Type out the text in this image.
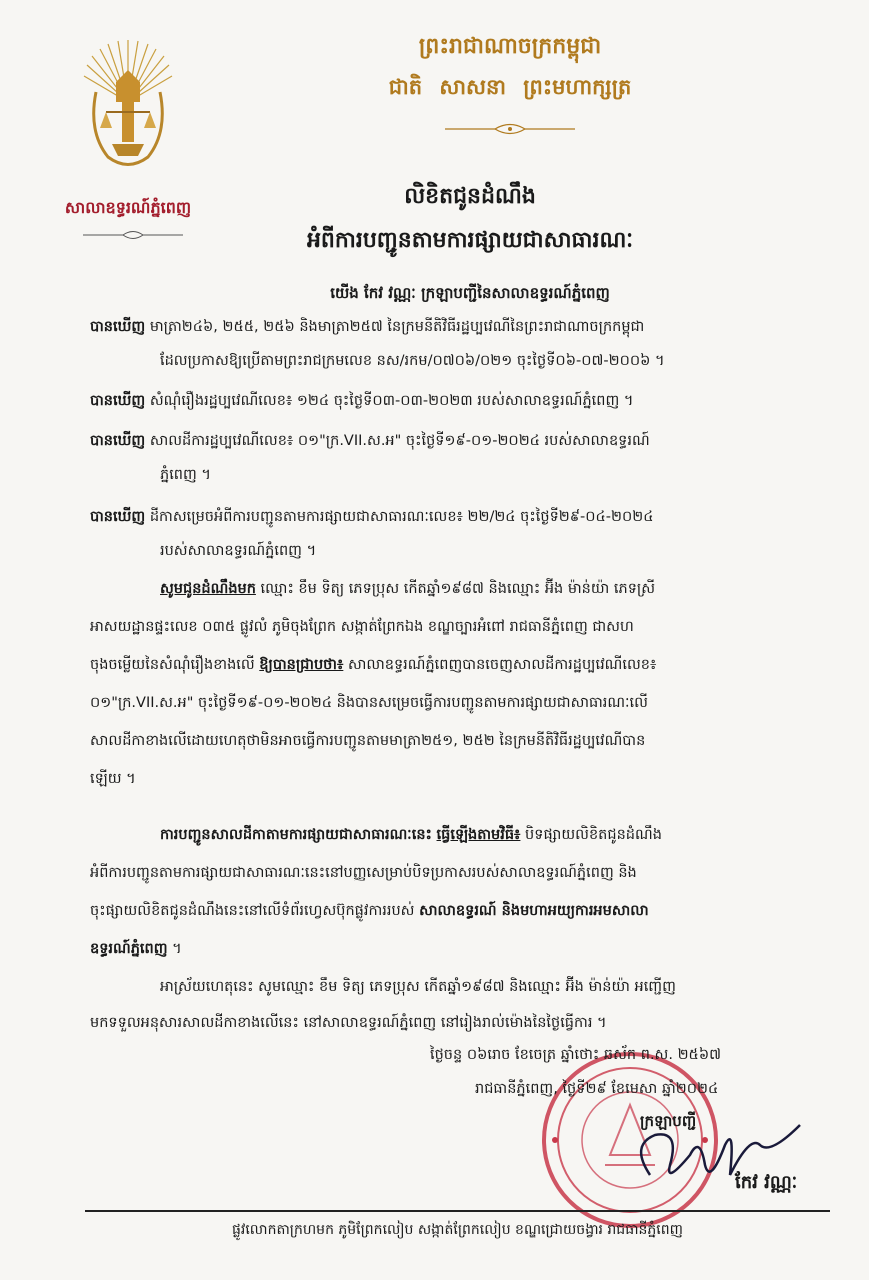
សាលាឧទ្ធរណ៍ភ្នំពេញ
ព្រះរាជាណាចក្រកម្ពុជា
ជាតិ សាសនា ព្រះមហាក្សត្រ
លិខិតជូនដំណឹង
អំពីការបញ្ជូនតាមការផ្សាយជាសាធារណៈ
យើង កែវ វណ្ណៈ ក្រឡាបញ្ជីនៃសាលាឧទ្ធរណ៍ភ្នំពេញ
បានឃើញ មាត្រា២៤៦, ២៥៥, ២៥៦ និងមាត្រា២៥៧ នៃក្រមនីតិវិធីរដ្ឋប្បវេណីនៃព្រះរាជាណាចក្រកម្ពុជា
ដែលប្រកាសឱ្យប្រើតាមព្រះរាជក្រមលេខ នស/រកម/០៧០៦/០២១ ចុះថ្ងៃទី០៦-០៧-២០០៦ ។
បានឃើញ សំណុំរឿងរដ្ឋប្បវេណីលេខ៖ ១២៤ ចុះថ្ងៃទី០៣-០៣-២០២៣ របស់សាលាឧទ្ធរណ៍ភ្នំពេញ ។
បានឃើញ សាលដីការដ្ឋប្បវេណីលេខ៖ ០១"ក្រ.VII.ស.អ" ចុះថ្ងៃទី១៩-០១-២០២៤ របស់សាលាឧទ្ធរណ៍
ភ្នំពេញ ។
បានឃើញ ដីកាសម្រេចអំពីការបញ្ជូនតាមការផ្សាយជាសាធារណៈលេខ៖ ២២/២៤ ចុះថ្ងៃទី២៩-០៤-២០២៤
របស់សាលាឧទ្ធរណ៍ភ្នំពេញ ។
សូមជូនដំណឹងមក ឈ្មោះ ខឹម ទិត្យ ភេទប្រុស កើតឆ្នាំ១៩៨៧ និងឈ្មោះ អ៊ីង ម៉ាន់យ៉ា ភេទស្រី
អាសយដ្ឋានផ្ទះលេខ ០៣៥ ផ្លូវលំ ភូមិចុងព្រែក សង្កាត់ព្រែកឯង ខណ្ឌច្បារអំពៅ រាជធានីភ្នំពេញ ជាសហ
ចុងចម្លើយនៃសំណុំរឿងខាងលើ ឱ្យបានជ្រាបថា៖ សាលាឧទ្ធរណ៍ភ្នំពេញបានចេញសាលដីការដ្ឋប្បវេណីលេខ៖
០១"ក្រ.VII.ស.អ" ចុះថ្ងៃទី១៩-០១-២០២៤ និងបានសម្រេចធ្វើការបញ្ជូនតាមការផ្សាយជាសាធារណៈលើ
សាលដីកាខាងលើដោយហេតុថាមិនអាចធ្វើការបញ្ជូនតាមមាត្រា២៥១, ២៥២ នៃក្រមនីតិវិធីរដ្ឋប្បវេណីបាន
ឡើយ ។
ការបញ្ជូនសាលដីកាតាមការផ្សាយជាសាធារណៈនេះ ធ្វើឡើងតាមវិធី៖ បិទផ្សាយលិខិតជូនដំណឹង
អំពីការបញ្ជូនតាមការផ្សាយជាសាធារណៈនេះនៅបញ្ញសេម្រាប់បិទប្រកាសរបស់សាលាឧទ្ធរណ៍ភ្នំពេញ និង
ចុះផ្សាយលិខិតជូនដំណឹងនេះនៅលើទំព័រហ្វេសប៊ុកផ្លូវការរបស់ សាលាឧទ្ធរណ៍ និងមហាអយ្យការអមសាលា
ឧទ្ធរណ៍ភ្នំពេញ ។
អាស្រ័យហេតុនេះ សូមឈ្មោះ ខឹម ទិត្យ ភេទប្រុស កើតឆ្នាំ១៩៨៧ និងឈ្មោះ អ៊ីង ម៉ាន់យ៉ា អញ្ជើញ
មកទទួលអនុសារសាលដីកាខាងលើនេះ នៅសាលាឧទ្ធរណ៍ភ្នំពេញ នៅរៀងរាល់ម៉ោងនៃថ្ងៃធ្វើការ ។
ថ្ងៃចន្ទ ០៦រោច ខែចេត្រ ឆ្នាំថោះ ឆស័ក ព.ស. ២៥៦៧
រាជធានីភ្នំពេញ, ថ្ងៃទី២៩ ខែមេសា ឆ្នាំ២០២៤
ក្រឡាបញ្ជី
កែវ វណ្ណៈ
ផ្លូវលោកតាក្រហមក ភូមិព្រែកលៀប សង្កាត់ព្រែកលៀប ខណ្ឌជ្រោយចង្វារ រាជធានីភ្នំពេញ
